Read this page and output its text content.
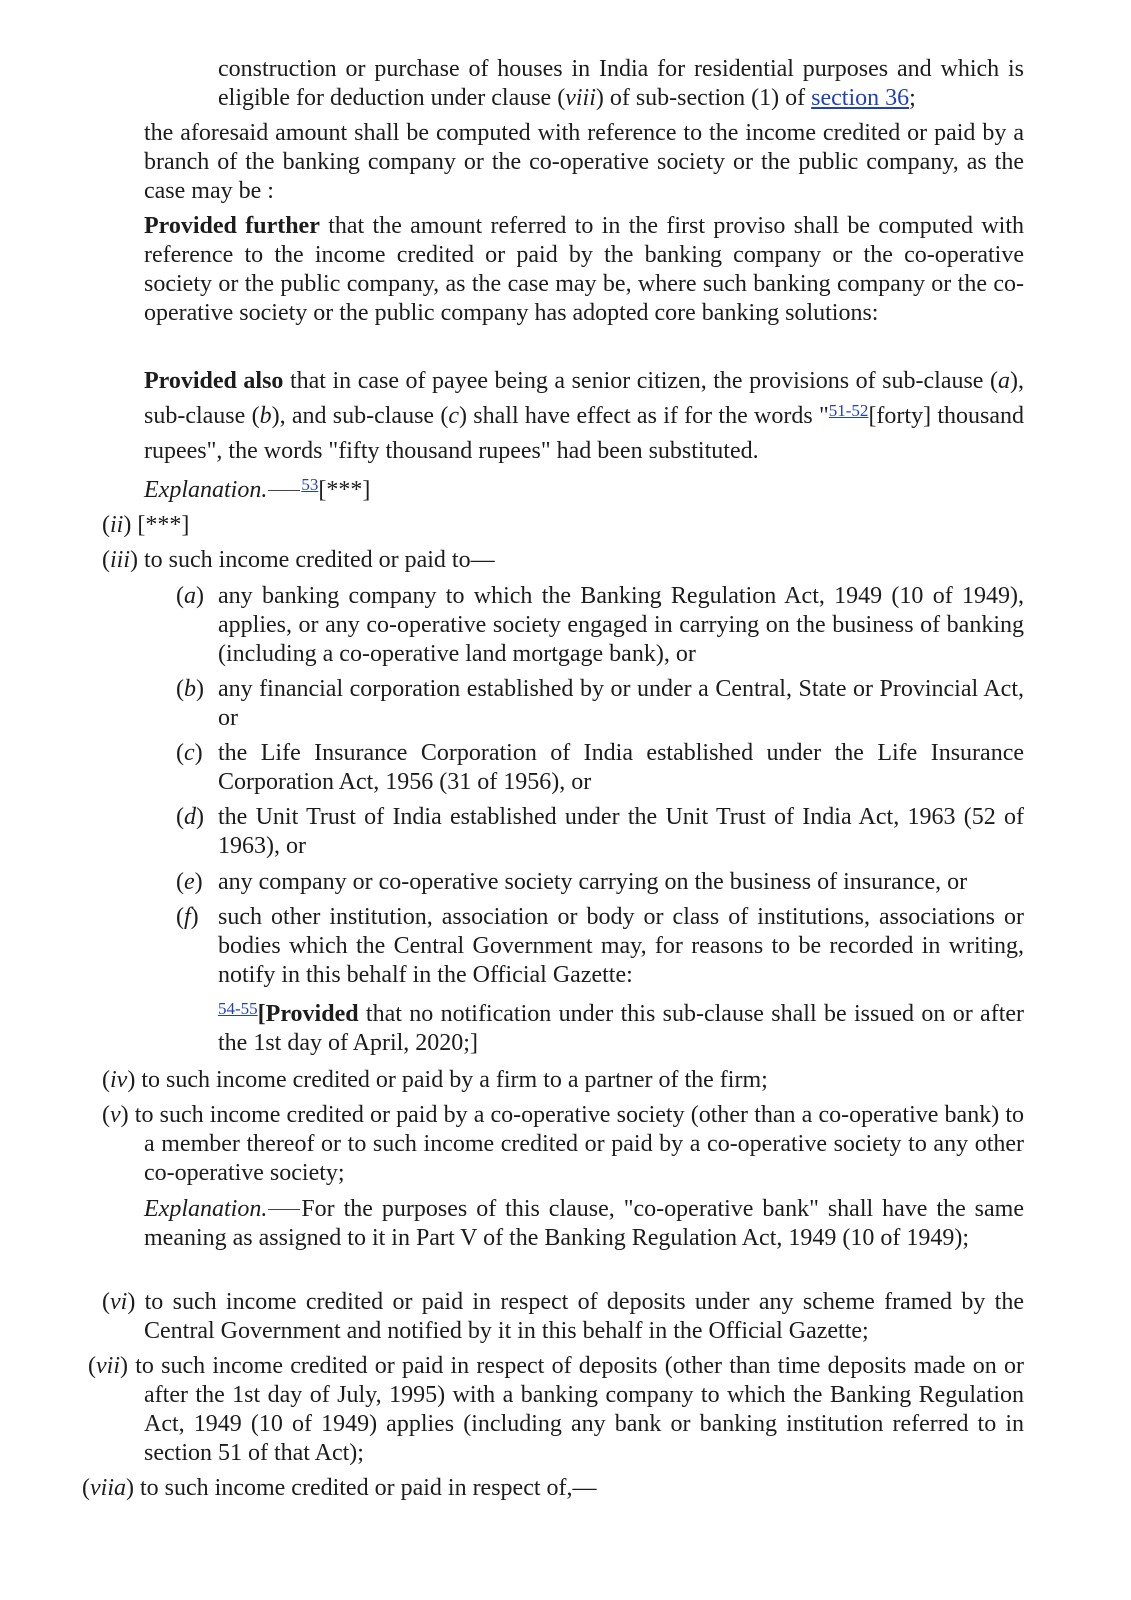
construction or purchase of houses in India for residential purposes and which is eligible for deduction under clause (viii) of sub-section (1) of section 36;

the aforesaid amount shall be computed with reference to the income credited or paid by a branch of the banking company or the co-operative society or the public company, as the case may be :

Provided further that the amount referred to in the first proviso shall be computed with reference to the income credited or paid by the banking company or the co-operative society or the public company, as the case may be, where such banking company or the co-operative society or the public company has adopted core banking solutions:

Provided also that in case of payee being a senior citizen, the provisions of sub-clause (a), sub-clause (b), and sub-clause (c) shall have effect as if for the words "$^{51-52}$[forty] thousand rupees", the words "fifty thousand rupees" had been substituted.

Explanation. $^{53}$[***]

(ii) [***]

(iii) to such income credited or paid to—

(a) any banking company to which the Banking Regulation Act, 1949 (10 of 1949), applies, or any co-operative society engaged in carrying on the business of banking (including a co-operative land mortgage bank), or

(b) any financial corporation established by or under a Central, State or Provincial Act, or

(c) the Life Insurance Corporation of India established under the Life Insurance Corporation Act, 1956 (31 of 1956), or

(d) the Unit Trust of India established under the Unit Trust of India Act, 1963 (52 of 1963), or

(e) any company or co-operative society carrying on the business of insurance, or

(f) such other institution, association or body or class of institutions, associations or bodies which the Central Government may, for reasons to be recorded in writing, notify in this behalf in the Official Gazette:

$^{54-55}$[Provided that no notification under this sub-clause shall be issued on or after the 1st day of April, 2020;]

(iv) to such income credited or paid by a firm to a partner of the firm;

(v) to such income credited or paid by a co-operative society (other than a co-operative bank) to a member thereof or to such income credited or paid by a co-operative society to any other co-operative society;

Explanation. For the purposes of this clause, "co-operative bank" shall have the same meaning as assigned to it in Part V of the Banking Regulation Act, 1949 (10 of 1949);

(vi) to such income credited or paid in respect of deposits under any scheme framed by the Central Government and notified by it in this behalf in the Official Gazette;

(vii) to such income credited or paid in respect of deposits (other than time deposits made on or after the 1st day of July, 1995) with a banking company to which the Banking Regulation Act, 1949 (10 of 1949) applies (including any bank or banking institution referred to in section 51 of that Act);

(viia) to such income credited or paid in respect of,—
